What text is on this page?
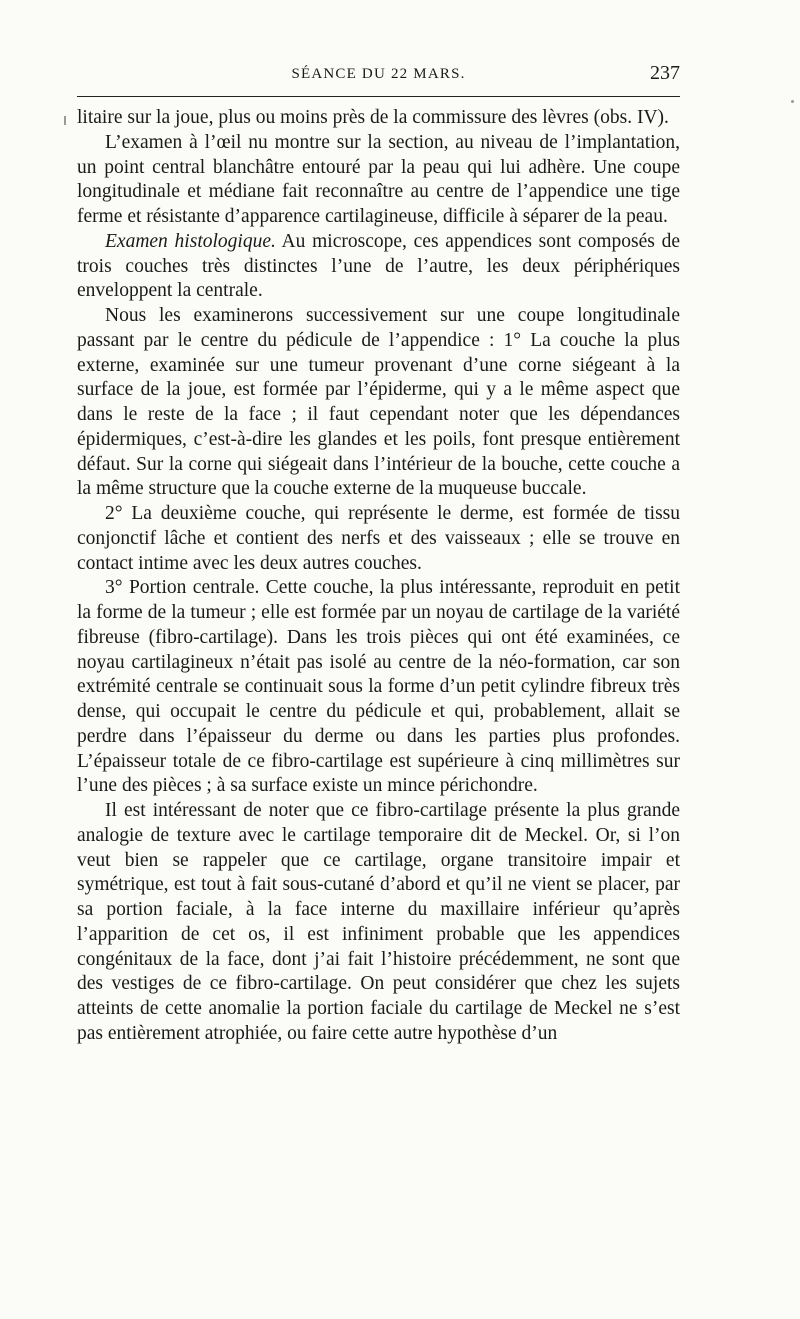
SÉANCE DU 22 MARS.	237

litaire sur la joue, plus ou moins près de la commissure des lèvres (obs. IV).

L’examen à l’œil nu montre sur la section, au niveau de l’implantation, un point central blanchâtre entouré par la peau qui lui adhère. Une coupe longitudinale et médiane fait reconnaître au centre de l’appendice une tige ferme et résistante d’apparence cartilagineuse, difficile à séparer de la peau.

Examen histologique. Au microscope, ces appendices sont composés de trois couches très distinctes l’une de l’autre, les deux périphériques enveloppent la centrale.

Nous les examinerons successivement sur une coupe longitudinale passant par le centre du pédicule de l’appendice : 1° La couche la plus externe, examinée sur une tumeur provenant d’une corne siégeant à la surface de la joue, est formée par l’épiderme, qui y a le même aspect que dans le reste de la face ; il faut cependant noter que les dépendances épidermiques, c’est-à-dire les glandes et les poils, font presque entièrement défaut. Sur la corne qui siégeait dans l’intérieur de la bouche, cette couche a la même structure que la couche externe de la muqueuse buccale.

2° La deuxième couche, qui représente le derme, est formée de tissu conjonctif lâche et contient des nerfs et des vaisseaux ; elle se trouve en contact intime avec les deux autres couches.

3° Portion centrale. Cette couche, la plus intéressante, reproduit en petit la forme de la tumeur ; elle est formée par un noyau de cartilage de la variété fibreuse (fibro-cartilage). Dans les trois pièces qui ont été examinées, ce noyau cartilagineux n’était pas isolé au centre de la néo-formation, car son extrémité centrale se continuait sous la forme d’un petit cylindre fibreux très dense, qui occupait le centre du pédicule et qui, probablement, allait se perdre dans l’épaisseur du derme ou dans les parties plus profondes. L’épaisseur totale de ce fibro-cartilage est supérieure à cinq millimètres sur l’une des pièces ; à sa surface existe un mince périchondre.

Il est intéressant de noter que ce fibro-cartilage présente la plus grande analogie de texture avec le cartilage temporaire dit de Meckel. Or, si l’on veut bien se rappeler que ce cartilage, organe transitoire impair et symétrique, est tout à fait sous-cutané d’abord et qu’il ne vient se placer, par sa portion faciale, à la face interne du maxillaire inférieur qu’après l’apparition de cet os, il est infiniment probable que les appendices congénitaux de la face, dont j’ai fait l’histoire précédemment, ne sont que des vestiges de ce fibro-cartilage. On peut considérer que chez les sujets atteints de cette anomalie la portion faciale du cartilage de Meckel ne s’est pas entièrement atrophiée, ou faire cette autre hypothèse d’un
